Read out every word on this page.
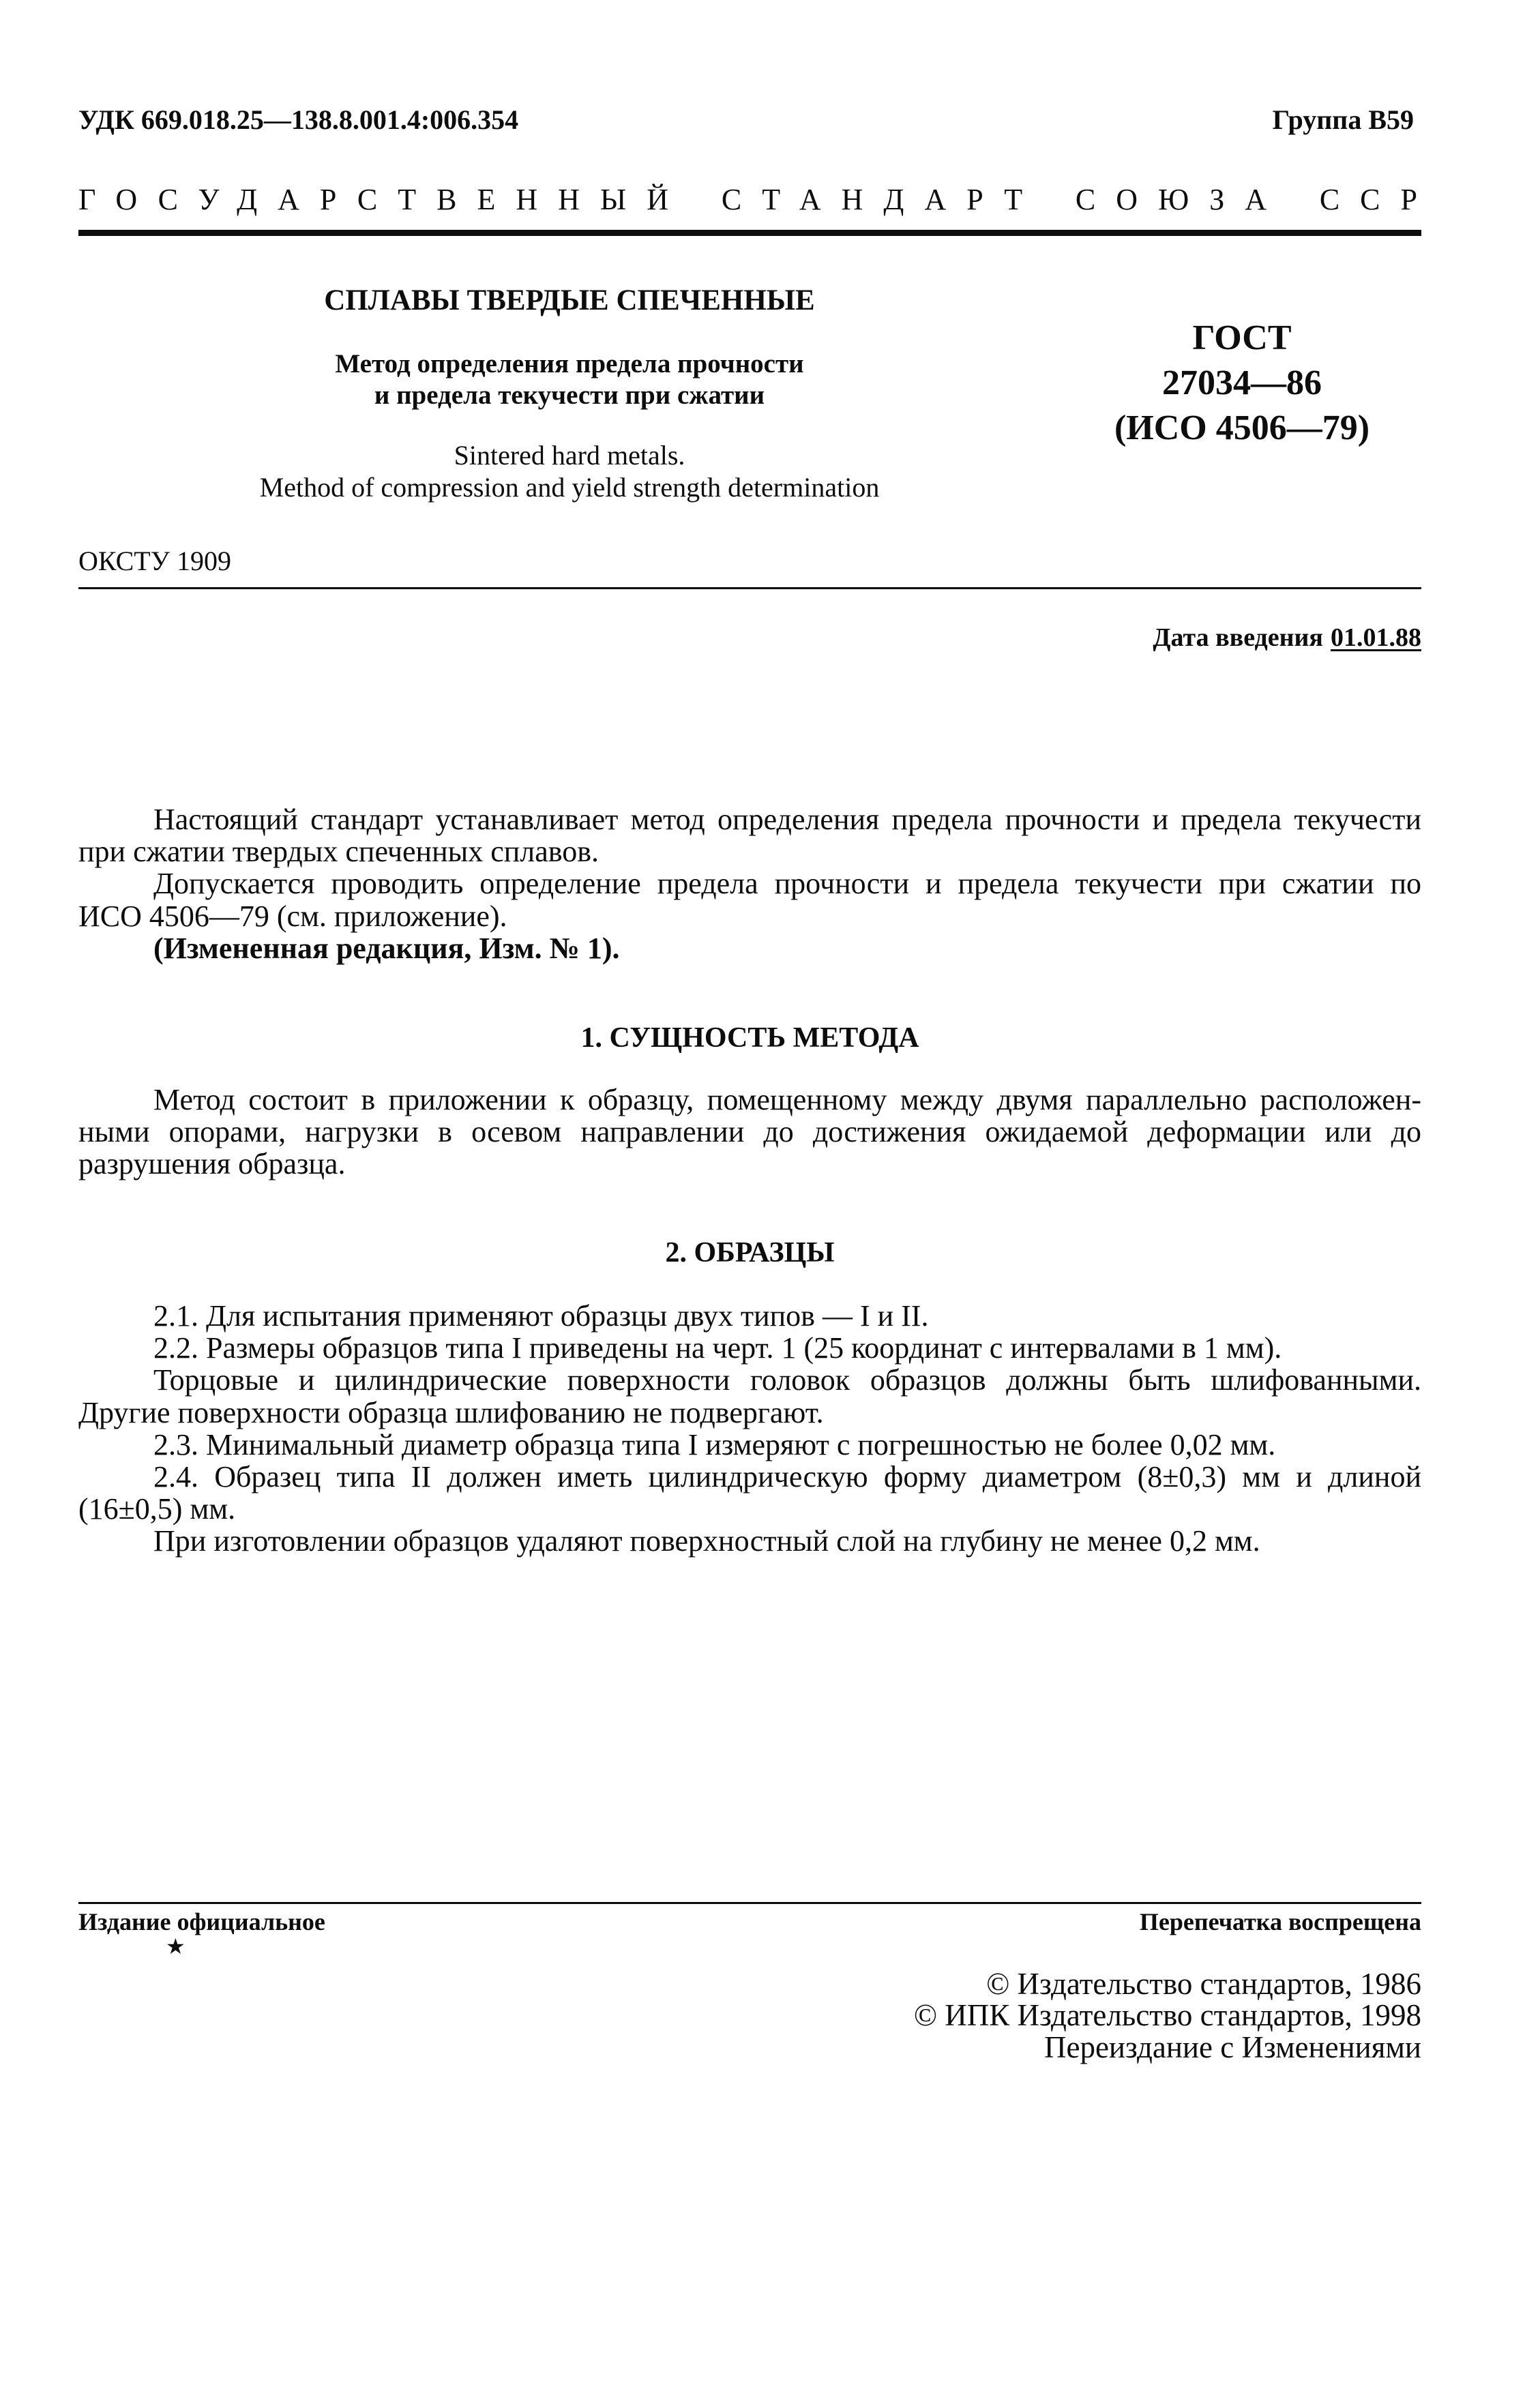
УДК 669.018.25—138.8.001.4:006.354	Группа В59
ГОСУДАРСТВЕННЫЙ СТАНДАРТ СОЮЗА ССР
СПЛАВЫ ТВЕРДЫЕ СПЕЧЕННЫЕ
Метод определения предела прочности
и предела текучести при сжатии
Sintered hard metals.
Method of compression and yield strength determination
ГОСТ
27034—86
(ИСО 4506—79)
ОКСТУ 1909
Дата введения 01.01.88
Настоящий стандарт устанавливает метод определения предела прочности и предела текучести
при сжатии твердых спеченных сплавов.
Допускается проводить определение предела прочности и предела текучести при сжатии по
ИСО 4506—79 (см. приложение).
(Измененная редакция, Изм. № 1).
1. СУЩНОСТЬ МЕТОДА
Метод состоит в приложении к образцу, помещенному между двумя параллельно расположен-
ными опорами, нагрузки в осевом направлении до достижения ожидаемой деформации или до
разрушения образца.
2. ОБРАЗЦЫ
2.1. Для испытания применяют образцы двух типов — I и II.
2.2. Размеры образцов типа I приведены на черт. 1 (25 координат с интервалами в 1 мм).
Торцовые и цилиндрические поверхности головок образцов должны быть шлифованными.
Другие поверхности образца шлифованию не подвергают.
2.3. Минимальный диаметр образца типа I измеряют с погрешностью не более 0,02 мм.
2.4. Образец типа II должен иметь цилиндрическую форму диаметром (8±0,3) мм и длиной
(16±0,5) мм.
При изготовлении образцов удаляют поверхностный слой на глубину не менее 0,2 мм.
Издание официальное
★
Перепечатка воспрещена
© Издательство стандартов, 1986
© ИПК Издательство стандартов, 1998
Переиздание с Изменениями
